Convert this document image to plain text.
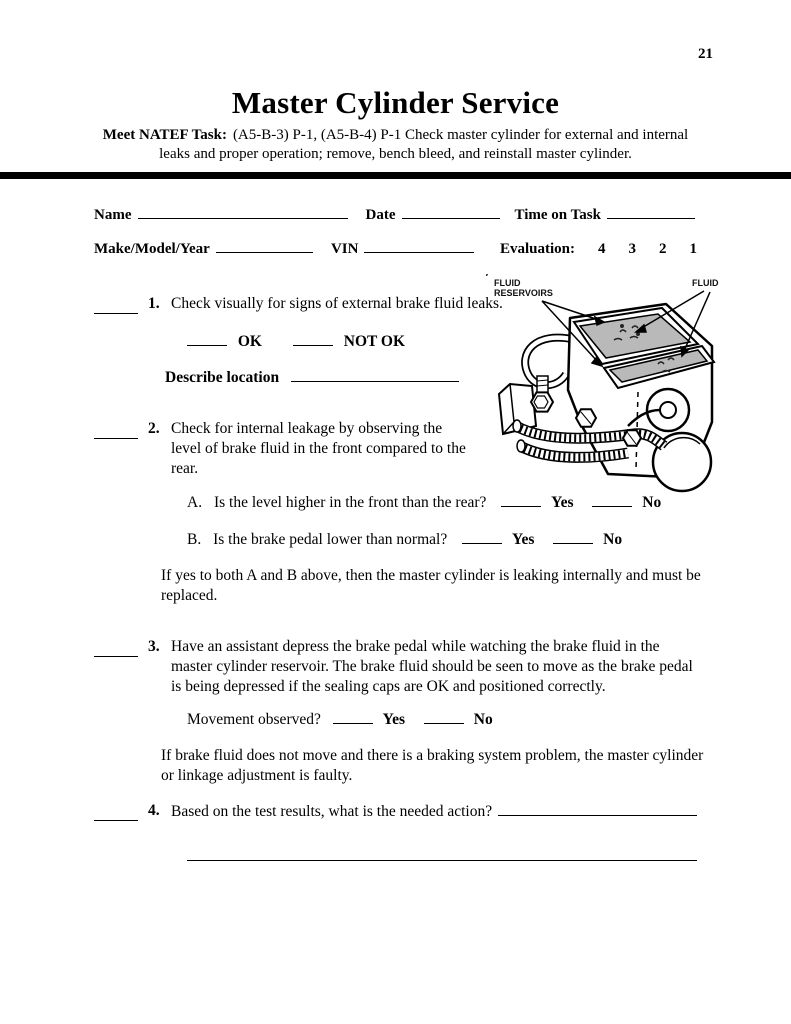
21
Master Cylinder Service
Meet NATEF Task: (A5-B-3) P-1, (A5-B-4) P-1 Check master cylinder for external and internal
leaks and proper operation; remove, bench bleed, and reinstall master cylinder.
Name	Date	Time on Task
Make/Model/Year	VIN	Evaluation: 4 3 2 1
1. Check visually for signs of external brake fluid leaks.
OK	NOT OK
Describe location
2. Check for internal leakage by observing the level of brake fluid in the front compared to the rear.
A. Is the level higher in the front than the rear?	Yes	No
B. Is the brake pedal lower than normal?	Yes	No
If yes to both A and B above, then the master cylinder is leaking internally and must be replaced.
3. Have an assistant depress the brake pedal while watching the brake fluid in the master cylinder reservoir. The brake fluid should be seen to move as the brake pedal is being depressed if the sealing caps are OK and positioned correctly.
Movement observed?	Yes	No
If brake fluid does not move and there is a braking system problem, the master cylinder or linkage adjustment is faulty.
4. Based on the test results, what is the needed action?
FLUID
RESERVOIRS
FLUID
